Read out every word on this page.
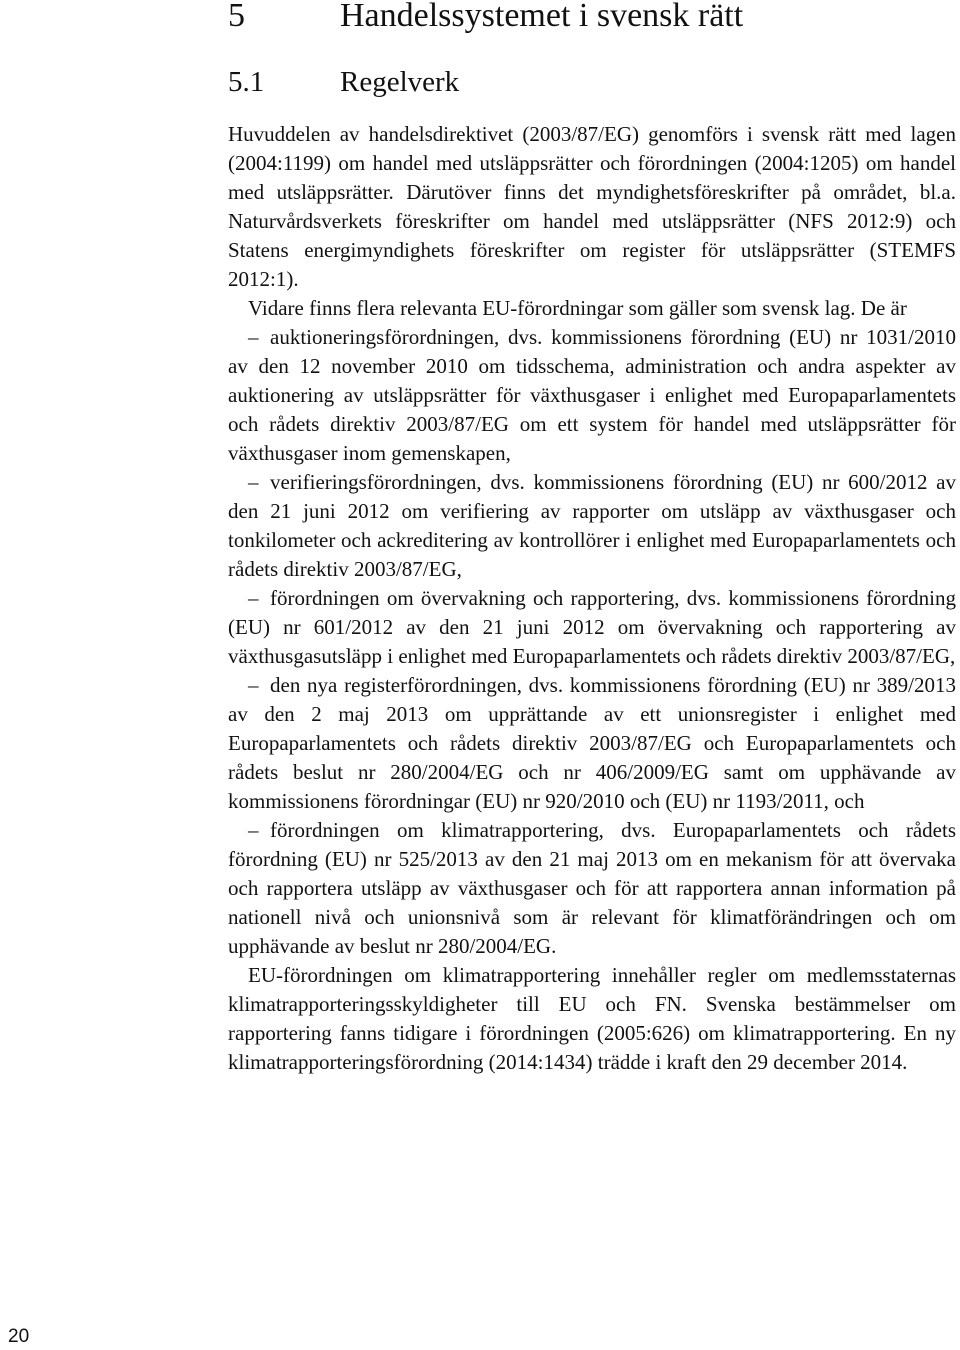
5	Handelssystemet i svensk rätt
5.1	Regelverk

Huvuddelen av handelsdirektivet (2003/87/EG) genomförs i svensk rätt med lagen (2004:1199) om handel med utsläppsrätter och förordningen (2004:1205) om handel med utsläppsrätter. Därutöver finns det myndighetsföreskrifter på området, bl.a. Naturvårdsverkets föreskrifter om handel med utsläppsrätter (NFS 2012:9) och Statens energimyndighets föreskrifter om register för utsläppsrätter (STEMFS 2012:1).

Vidare finns flera relevanta EU-förordningar som gäller som svensk lag. De är

– auktioneringsförordningen, dvs. kommissionens förordning (EU) nr 1031/2010 av den 12 november 2010 om tidsschema, administration och andra aspekter av auktionering av utsläppsrätter för växthusgaser i enlighet med Europaparlamentets och rådets direktiv 2003/87/EG om ett system för handel med utsläppsrätter för växthusgaser inom gemenskapen,
– verifieringsförordningen, dvs. kommissionens förordning (EU) nr 600/2012 av den 21 juni 2012 om verifiering av rapporter om utsläpp av växthusgaser och tonkilometer och ackreditering av kontrollörer i enlighet med Europaparlamentets och rådets direktiv 2003/87/EG,
– förordningen om övervakning och rapportering, dvs. kommissionens förordning (EU) nr 601/2012 av den 21 juni 2012 om övervakning och rapportering av växthusgasutsläpp i enlighet med Europaparlamentets och rådets direktiv 2003/87/EG,
– den nya registerförordningen, dvs. kommissionens förordning (EU) nr 389/2013 av den 2 maj 2013 om upprättande av ett unionsregister i enlighet med Europaparlamentets och rådets direktiv 2003/87/EG och Europaparlamentets och rådets beslut nr 280/2004/EG och nr 406/2009/EG samt om upphävande av kommissionens förordningar (EU) nr 920/2010 och (EU) nr 1193/2011, och
– förordningen om klimatrapportering, dvs. Europaparlamentets och rådets förordning (EU) nr 525/2013 av den 21 maj 2013 om en mekanism för att övervaka och rapportera utsläpp av växthusgaser och för att rapportera annan information på nationell nivå och unionsnivå som är relevant för klimatförändringen och om upphävande av beslut nr 280/2004/EG.

EU-förordningen om klimatrapportering innehåller regler om medlemsstaternas klimatrapporteringsskyldigheter till EU och FN. Svenska bestämmelser om rapportering fanns tidigare i förordningen (2005:626) om klimatrapportering. En ny klimatrapporteringsförordning (2014:1434) trädde i kraft den 29 december 2014.

20
